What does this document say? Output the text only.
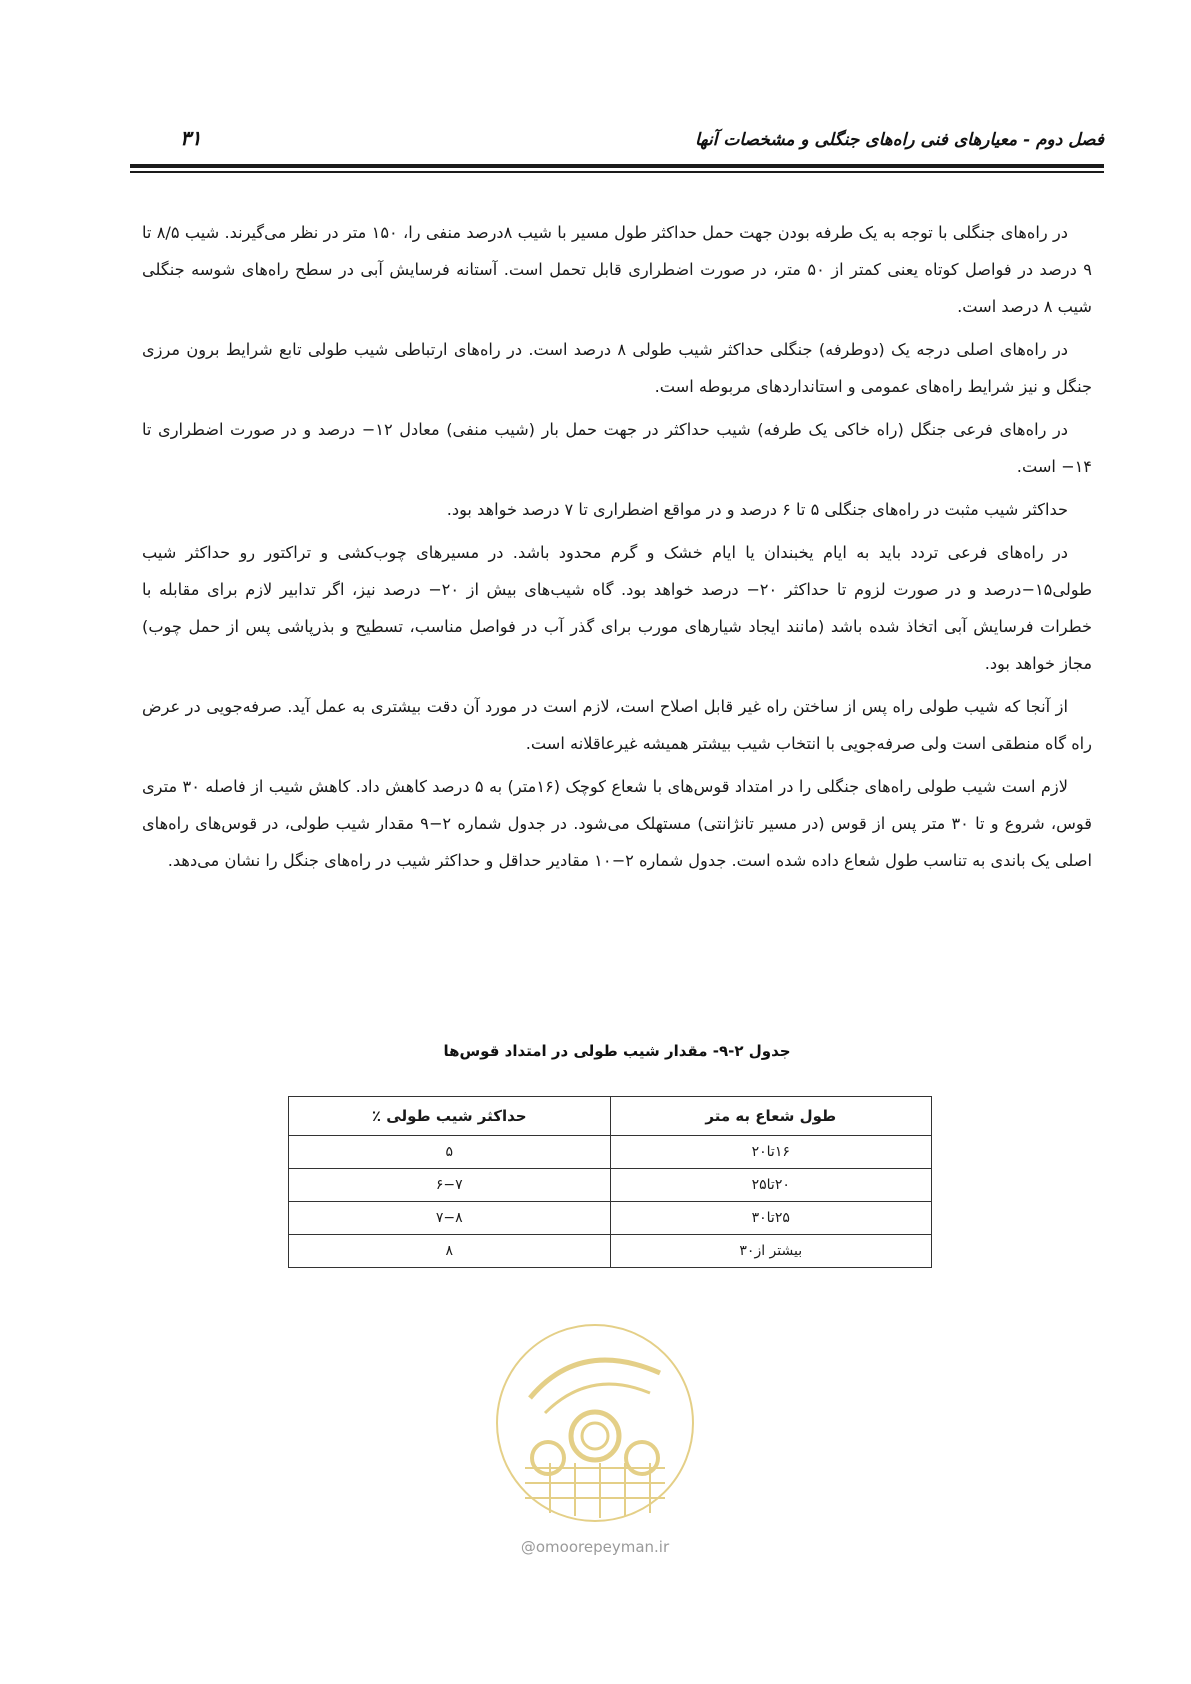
فصل دوم - معیارهای فنی راه‌های جنگلی و مشخصات آنها
۳۱

در راه‌های جنگلی با توجه به یک طرفه بودن جهت حمل حداکثر طول مسیر با شیب ۸درصد منفی را، ۱۵۰ متر در نظر می‌گیرند. شیب ۸/۵ تا ۹ درصد در فواصل کوتاه یعنی کمتر از ۵۰ متر، در صورت اضطراری قابل تحمل است. آستانه فرسایش آبی در سطح راه‌های شوسه جنگلی شیب ۸ درصد است.

در راه‌های اصلی درجه یک (دوطرفه) جنگلی حداکثر شیب طولی ۸ درصد است. در راه‌های ارتباطی شیب طولی تابع شرایط برون مرزی جنگل و نیز شرایط راه‌های عمومی و استانداردهای مربوطه است.

در راه‌های فرعی جنگل (راه خاکی یک طرفه) شیب حداکثر در جهت حمل بار (شیب منفی) معادل ۱۲− درصد و در صورت اضطراری تا ۱۴− است.

حداکثر شیب مثبت در راه‌های جنگلی ۵ تا ۶ درصد و در مواقع اضطراری تا ۷ درصد خواهد بود.

در راه‌های فرعی تردد باید به ایام یخبندان یا ایام خشک و گرم محدود باشد. در مسیرهای چوب‌کشی و تراکتور رو حداکثر شیب طولی۱۵−درصد و در صورت لزوم تا حداکثر ۲۰− درصد خواهد بود. گاه شیب‌های بیش از ۲۰− درصد نیز، اگر تدابیر لازم برای مقابله با خطرات فرسایش آبی اتخاذ شده باشد (مانند ایجاد شیارهای مورب برای گذر آب در فواصل مناسب، تسطیح و بذرپاشی پس از حمل چوب) مجاز خواهد بود.

از آنجا که شیب طولی راه پس از ساختن راه غیر قابل اصلاح است، لازم است در مورد آن دقت بیشتری به عمل آید. صرفه‌جویی در عرض راه گاه منطقی است ولی صرفه‌جویی با انتخاب شیب بیشتر همیشه غیرعاقلانه است.

لازم است شیب طولی راه‌های جنگلی را در امتداد قوس‌های با شعاع کوچک (۱۶متر) به ۵ درصد کاهش داد. کاهش شیب از فاصله ۳۰ متری قوس، شروع و تا ۳۰ متر پس از قوس (در مسیر تانژانتی) مستهلک می‌شود. در جدول شماره ۲−۹ مقدار شیب طولی، در قوس‌های راه‌های اصلی یک باندی به تناسب طول شعاع داده شده است. جدول شماره ۲−۱۰ مقادیر حداقل و حداکثر شیب در راه‌های جنگل را نشان می‌دهد.

جدول ۲-۹- مقدار شیب طولی در امتداد قوس‌ها
طول شعاع به متر	حداکثر شیب طولی ٪
۱۶تا۲۰	۵
۲۰تا۲۵	۶−۷
۲۵تا۳۰	۷−۸
بیشتر از۳۰	۸
@omoorepeyman.ir
